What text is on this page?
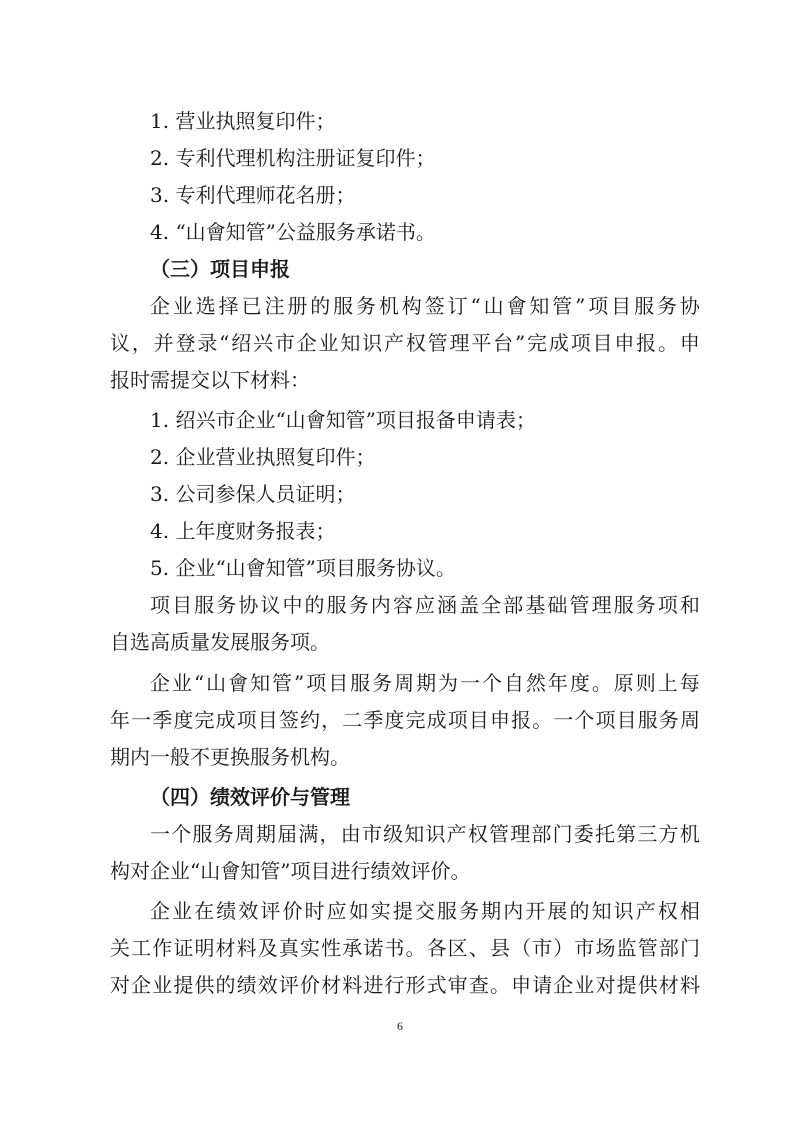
1. 营业执照复印件；
2. 专利代理机构注册证复印件；
3. 专利代理师花名册；
4. “山會知管”公益服务承诺书。
（三）项目申报
企 业 选 择 已 注 册 的 服 务 机 构 签 订 “ 山 會 知 管 ” 项 目 服 务 协
议 ， 并 登 录 “ 绍 兴 市 企 业 知 识 产 权 管 理 平 台 ” 完 成 项 目 申 报 。 申
报时需提交以下材料：
1. 绍兴市企业“山會知管”项目报备申请表；
2. 企业营业执照复印件；
3. 公司参保人员证明；
4. 上年度财务报表；
5. 企业“山會知管”项目服务协议。
项 目 服 务 协 议 中 的 服 务 内 容 应 涵 盖 全 部 基 础 管 理 服 务 项 和
自选高质量发展服务项。
企 业 “ 山 會 知 管 ” 项 目 服 务 周 期 为 一 个 自 然 年 度 。 原 则 上 每
年 一 季 度 完 成 项 目 签 约 ， 二 季 度 完 成 项 目 申 报 。 一 个 项 目 服 务 周
期内一般不更换服务机构。
（四）绩效评价与管理
一 个 服 务 周 期 届 满 ， 由 市 级 知 识 产 权 管 理 部 门 委 托 第 三 方 机
构对企业“山會知管”项目进行绩效评价。
企 业 在 绩 效 评 价 时 应 如 实 提 交 服 务 期 内 开 展 的 知 识 产 权 相
关 工 作 证 明 材 料 及 真 实 性 承 诺 书 。 各 区 、 县 （ 市 ） 市 场 监 管 部 门
对 企 业 提 供 的 绩 效 评 价 材 料 进 行 形 式 审 查 。 申 请 企 业 对 提 供 材 料
6
